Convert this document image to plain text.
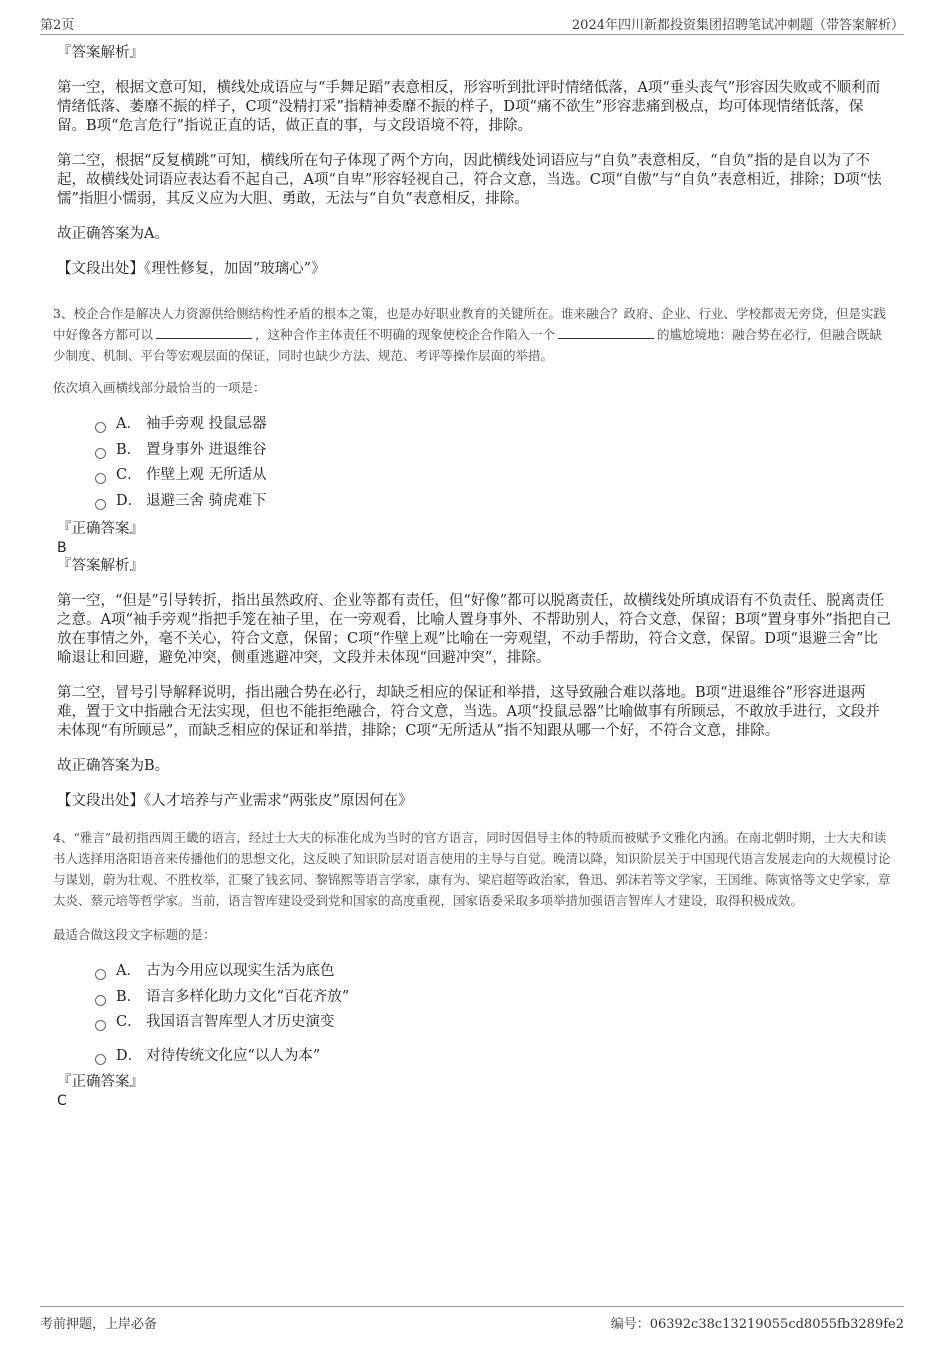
第2页	2024年四川新都投资集团招聘笔试冲刺题（带答案解析）

『答案解析』

第一空，根据文意可知，横线处成语应与“手舞足蹈”表意相反，形容听到批评时情绪低落，A项“垂头丧气”形容因失败或不顺利而情绪低落、萎靡不振的样子，C项“没精打采”指精神委靡不振的样子，D项“痛不欲生”形容悲痛到极点，均可体现情绪低落，保留。B项“危言危行”指说正直的话，做正直的事，与文段语境不符，排除。

第二空，根据“反复横跳”可知，横线所在句子体现了两个方向，因此横线处词语应与“自负”表意相反，“自负”指的是自以为了不起，故横线处词语应表达看不起自己，A项“自卑”形容轻视自己，符合文意，当选。C项“自傲”与“自负”表意相近，排除；D项“怯懦”指胆小懦弱，其反义应为大胆、勇敢，无法与“自负”表意相反，排除。

故正确答案为A。

【文段出处】《理性修复，加固“玻璃心”》

3、校企合作是解决人力资源供给侧结构性矛盾的根本之策，也是办好职业教育的关键所在。谁来融合？政府、企业、行业、学校都责无旁贷，但是实践中好像各方都可以	，这种合作主体责任不明确的现象使校企合作陷入一个	的尴尬境地：融合势在必行，但融合既缺少制度、机制、平台等宏观层面的保证，同时也缺少方法、规范、考评等操作层面的举措。

依次填入画横线部分最恰当的一项是：

A． 袖手旁观 投鼠忌器
B． 置身事外 进退维谷
C． 作壁上观 无所适从
D． 退避三舍 骑虎难下

『正确答案』

B

『答案解析』

第一空，“但是”引导转折，指出虽然政府、企业等都有责任，但“好像”都可以脱离责任，故横线处所填成语有不负责任、脱离责任之意。A项“袖手旁观”指把手笼在袖子里，在一旁观看，比喻人置身事外、不帮助别人，符合文意，保留；B项“置身事外”指把自己放在事情之外，毫不关心，符合文意，保留；C项“作壁上观”比喻在一旁观望，不动手帮助，符合文意，保留。D项“退避三舍”比喻退让和回避，避免冲突，侧重逃避冲突，文段并未体现“回避冲突”，排除。

第二空，冒号引导解释说明，指出融合势在必行，却缺乏相应的保证和举措，这导致融合难以落地。B项“进退维谷”形容进退两难，置于文中指融合无法实现，但也不能拒绝融合，符合文意，当选。A项“投鼠忌器”比喻做事有所顾忌，不敢放手进行，文段并未体现“有所顾忌”，而缺乏相应的保证和举措，排除；C项“无所适从”指不知跟从哪一个好，不符合文意，排除。

故正确答案为B。

【文段出处】《人才培养与产业需求“两张皮”原因何在》

4、“雅言”最初指西周王畿的语言，经过士大夫的标准化成为当时的官方语言，同时因倡导主体的特质而被赋予文雅化内涵。在南北朝时期，士大夫和读书人选择用洛阳语音来传播他们的思想文化，这反映了知识阶层对语言使用的主导与自觉。晚清以降，知识阶层关于中国现代语言发展走向的大规模讨论与谋划，蔚为壮观、不胜枚举，汇聚了钱玄同、黎锦熙等语言学家，康有为、梁启超等政治家，鲁迅、郭沫若等文学家，王国维、陈寅恪等文史学家，章太炎、蔡元培等哲学家。当前，语言智库建设受到党和国家的高度重视，国家语委采取多项举措加强语言智库人才建设，取得积极成效。

最适合做这段文字标题的是：

A． 古为今用应以现实生活为底色
B． 语言多样化助力文化“百花齐放”
C． 我国语言智库型人才历史演变
D． 对待传统文化应“以人为本”

『正确答案』

C

考前押题，上岸必备	编号：06392c38c13219055cd8055fb3289fe2
